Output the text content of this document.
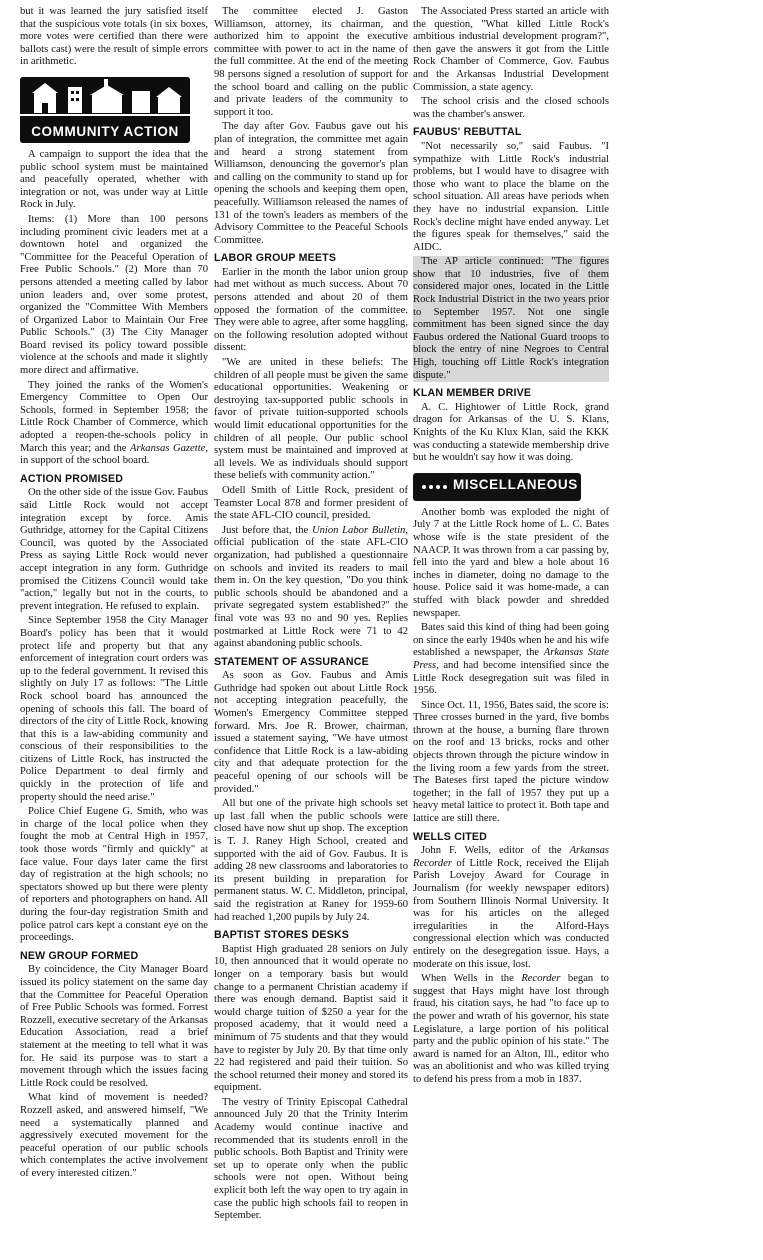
but it was learned the jury satisfied itself that the suspicious vote totals (in six boxes, more votes were certified than there were ballots cast) were the result of simple errors in arithmetic.

COMMUNITY ACTION

A campaign to support the idea that the public school system must be maintained and peacefully operated, whether with integration or not, was under way at Little Rock in July.

Items: (1) More than 100 persons including prominent civic leaders met at a downtown hotel and organized the "Committee for the Peaceful Operation of Free Public Schools." (2) More than 70 persons attended a meeting called by labor union leaders and, over some protest, organized the "Committee With Members of Organized Labor to Maintain Our Free Public Schools." (3) The City Manager Board revised its policy toward possible violence at the schools and made it slightly more direct and affirmative.

They joined the ranks of the Women's Emergency Committee to Open Our Schools, formed in September 1958; the Little Rock Chamber of Commerce, which adopted a reopen-the-schools policy in March this year; and the Arkansas Gazette, in support of the school board.

ACTION PROMISED

On the other side of the issue Gov. Faubus said Little Rock would not accept integration except by force. Amis Guthridge, attorney for the Capital Citizens Council, was quoted by the Associated Press as saying Little Rock would never accept integration in any form. Guthridge promised the Citizens Council would take "action," legally but not in the courts, to prevent integration. He refused to explain.

Since September 1958 the City Manager Board's policy has been that it would protect life and property but that any enforcement of integration court orders was up to the federal government. It revised this slightly on July 17 as follows: "The Little Rock school board has announced the opening of schools this fall. The board of directors of the city of Little Rock, knowing that this is a law-abiding community and conscious of their responsibilities to the citizens of Little Rock, has instructed the Police Department to deal firmly and quickly in the protection of life and property should the need arise."

Police Chief Eugene G. Smith, who was in charge of the local police when they fought the mob at Central High in 1957, took those words "firmly and quickly" at face value. Four days later came the first day of registration at the high schools; no spectators showed up but there were plenty of reporters and photographers on hand. All during the four-day registration Smith and police patrol cars kept a constant eye on the proceedings.

NEW GROUP FORMED

By coincidence, the City Manager Board issued its policy statement on the same day that the Committee for Peaceful Operation of Free Public Schools was formed. Forrest Rozzell, executive secretary of the Arkansas Education Association, read a brief statement at the meeting to tell what it was for. He said its purpose was to start a movement through which the issues facing Little Rock could be resolved.

What kind of movement is needed? Rozzell asked, and answered himself, "We need a systematically planned and aggressively executed movement for the peaceful operation of our public schools which contemplates the active involvement of every interested citizen."

The committee elected J. Gaston Williamson, attorney, its chairman, and authorized him to appoint the executive committee with power to act in the name of the full committee. At the end of the meeting 98 persons signed a resolution of support for the school board and calling on the public and private leaders of the community to support it too.

The day after Gov. Faubus gave out his plan of integration, the committee met again and heard a strong statement from Williamson, denouncing the governor's plan and calling on the community to stand up for opening the schools and keeping them open, peacefully. Williamson released the names of 131 of the town's leaders as members of the Advisory Committee to the Peaceful Schools Committee.

LABOR GROUP MEETS

Earlier in the month the labor union group had met without as much success. About 70 persons attended and about 20 of them opposed the formation of the committee. They were able to agree, after some haggling, on the following resolution adopted without dissent:

"We are united in these beliefs: The children of all people must be given the same educational opportunities. Weakening or destroying tax-supported public schools in favor of private tuition-supported schools would limit educational opportunities for the children of all people. Our public school system must be maintained and improved at all levels. We as individuals should support these beliefs with community action."

Odell Smith of Little Rock, president of Teamster Local 878 and former president of the state AFL-CIO council, presided.

Just before that, the Union Labor Bulletin, official publication of the state AFL-CIO organization, had published a questionnaire on schools and invited its readers to mail them in. On the key question, "Do you think public schools should be abandoned and a private segregated system established?" the final vote was 93 no and 90 yes. Replies postmarked at Little Rock were 71 to 42 against abandoning public schools.

STATEMENT OF ASSURANCE

As soon as Gov. Faubus and Amis Guthridge had spoken out about Little Rock not accepting integration peacefully, the Women's Emergency Committee stepped forward. Mrs. Joe R. Brower, chairman, issued a statement saying, "We have utmost confidence that Little Rock is a law-abiding city and that adequate protection for the peaceful opening of our schools will be provided."

All but one of the private high schools set up last fall when the public schools were closed have now shut up shop. The exception is T. J. Raney High School, created and supported with the aid of Gov. Faubus. It is adding 28 new classrooms and laboratories to its present building in preparation for permanent status. W. C. Middleton, principal, said the registration at Raney for 1959-60 had reached 1,200 pupils by July 24.

BAPTIST STORES DESKS

Baptist High graduated 28 seniors on July 10, then announced that it would operate no longer on a temporary basis but would change to a permanent Christian academy if there was enough demand. Baptist said it would charge tuition of $250 a year for the proposed academy, that it would need a minimum of 75 students and that they would have to register by July 20. By that time only 22 had registered and paid their tuition. So the school returned their money and stored its equipment.

The vestry of Trinity Episcopal Cathedral announced July 20 that the Trinity Interim Academy would continue inactive and recommended that its students enroll in the public schools. Both Baptist and Trinity were set up to operate only when the public schools were not open. Without being explicit both left the way open to try again in case the public high schools fail to reopen in September.

The Associated Press started an article with the question, "What killed Little Rock's ambitious industrial development program?", then gave the answers it got from the Little Rock Chamber of Commerce, Gov. Faubus and the Arkansas Industrial Development Commission, a state agency.

The school crisis and the closed schools was the chamber's answer.

FAUBUS' REBUTTAL

"Not necessarily so," said Faubus. "I sympathize with Little Rock's industrial problems, but I would have to disagree with those who want to place the blame on the school situation. All areas have periods when they have no industrial expansion. Little Rock's decline might have ended anyway. Let the figures speak for themselves," said the AIDC.

The AP article continued: "The figures show that 10 industries, five of them considered major ones, located in the Little Rock Industrial District in the two years prior to September 1957. Not one single commitment has been signed since the day Faubus ordered the National Guard troops to block the entry of nine Negroes to Central High, touching off Little Rock's integration dispute."

KLAN MEMBER DRIVE

A. C. Hightower of Little Rock, grand dragon for Arkansas of the U. S. Klans, Knights of the Ku Klux Klan, said the KKK was conducting a statewide membership drive but he wouldn't say how it was doing.

MISCELLANEOUS

Another bomb was exploded the night of July 7 at the Little Rock home of L. C. Bates whose wife is the state president of the NAACP. It was thrown from a car passing by, fell into the yard and blew a hole about 16 inches in diameter, doing no damage to the house. Police said it was home-made, a can stuffed with black powder and shredded newspaper.

Bates said this kind of thing had been going on since the early 1940s when he and his wife established a newspaper, the Arkansas State Press, and had become intensified since the Little Rock desegregation suit was filed in 1956.

Since Oct. 11, 1956, Bates said, the score is: Three crosses burned in the yard, five bombs thrown at the house, a burning flare thrown on the roof and 13 bricks, rocks and other objects thrown through the picture window in the living room a few yards from the street. The Bateses first taped the picture window together; in the fall of 1957 they put up a heavy metal lattice to protect it. Both tape and lattice are still there.

WELLS CITED

John F. Wells, editor of the Arkansas Recorder of Little Rock, received the Elijah Parish Lovejoy Award for Courage in Journalism (for weekly newspaper editors) from Southern Illinois Normal University. It was for his articles on the alleged irregularities in the Alford-Hays congressional election which was conducted entirely on the desegregation issue. Hays, a moderate on this issue, lost.

When Wells in the Recorder began to suggest that Hays might have lost through fraud, his citation says, he had "to face up to the power and wrath of his governor, his state Legislature, a large portion of his political party and the public opinion of his state." The award is named for an Alton, Ill., editor who was an abolitionist and who was killed trying to defend his press from a mob in 1837.
